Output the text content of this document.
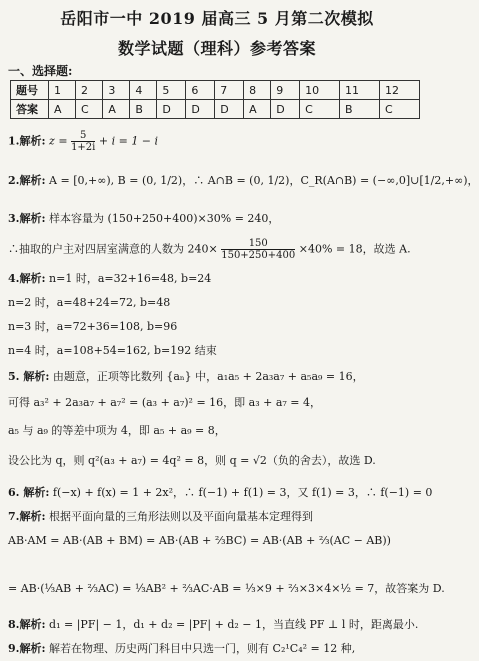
岳阳市一中 2019 届高三 5 月第二次模拟
数学试题（理科）参考答案
一、选择题:
题号	1	2	3	4	5	6	7	8	9	10	11	12
答案	A	C	A	B	D	D	D	A	D	C	B	C
1.解析: $z = \frac{5}{1+2i} + i = 1 - i$
2.解析: A = [0,+∞), B = (0, 1/2)，∴ A∩B = (0, 1/2)，C_R(A∩B) = (−∞,0]∪[1/2,+∞)，
3.解析: 样本容量为 (150+250+400)×30% = 240，
∴抽取的户主对四居室满意的人数为 $240\times \frac{150}{150+250+400} \times 40\% = 18$，故选 A.
4.解析: n=1 时，a=32+16=48, b=24
n=2 时，a=48+24=72, b=48
n=3 时，a=72+36=108, b=96
n=4 时，a=108+54=162, b=192 结束
5. 解析: 由题意，正项等比数列 {aₙ} 中，a₁a₅ + 2a₃a₇ + a₅a₉ = 16，
可得 a₃² + 2a₃a₇ + a₇² = (a₃ + a₇)² = 16，即 a₃ + a₇ = 4，
a₅ 与 a₉ 的等差中项为 4，即 a₅ + a₉ = 8，
设公比为 q，则 q²(a₃ + a₇) = 4q² = 8，则 q = √2（负的舍去），故选 D.
6. 解析: f(−x) + f(x) = 1 + 2x²，∴ f(−1) + f(1) = 3，又 f(1) = 3，∴ f(−1) = 0
7.解析: 根据平面向量的三角形法则以及平面向量基本定理得到
AB·AM = AB·(AB + BM) = AB·(AB + ⅔BC) = AB·(AB + ⅔(AC − AB))
= AB·(⅓AB + ⅔AC) = ⅓AB² + ⅔AC·AB = ⅓×9 + ⅔×3×4×½ = 7，故答案为 D.
8.解析: d₁ = |PF| − 1，d₁ + d₂ = |PF| + d₂ − 1，当直线 PF ⊥ l 时，距离最小.
9.解析: 解若在物理、历史两门科目中只选一门，则有 C₂¹C₄² = 12 种,
